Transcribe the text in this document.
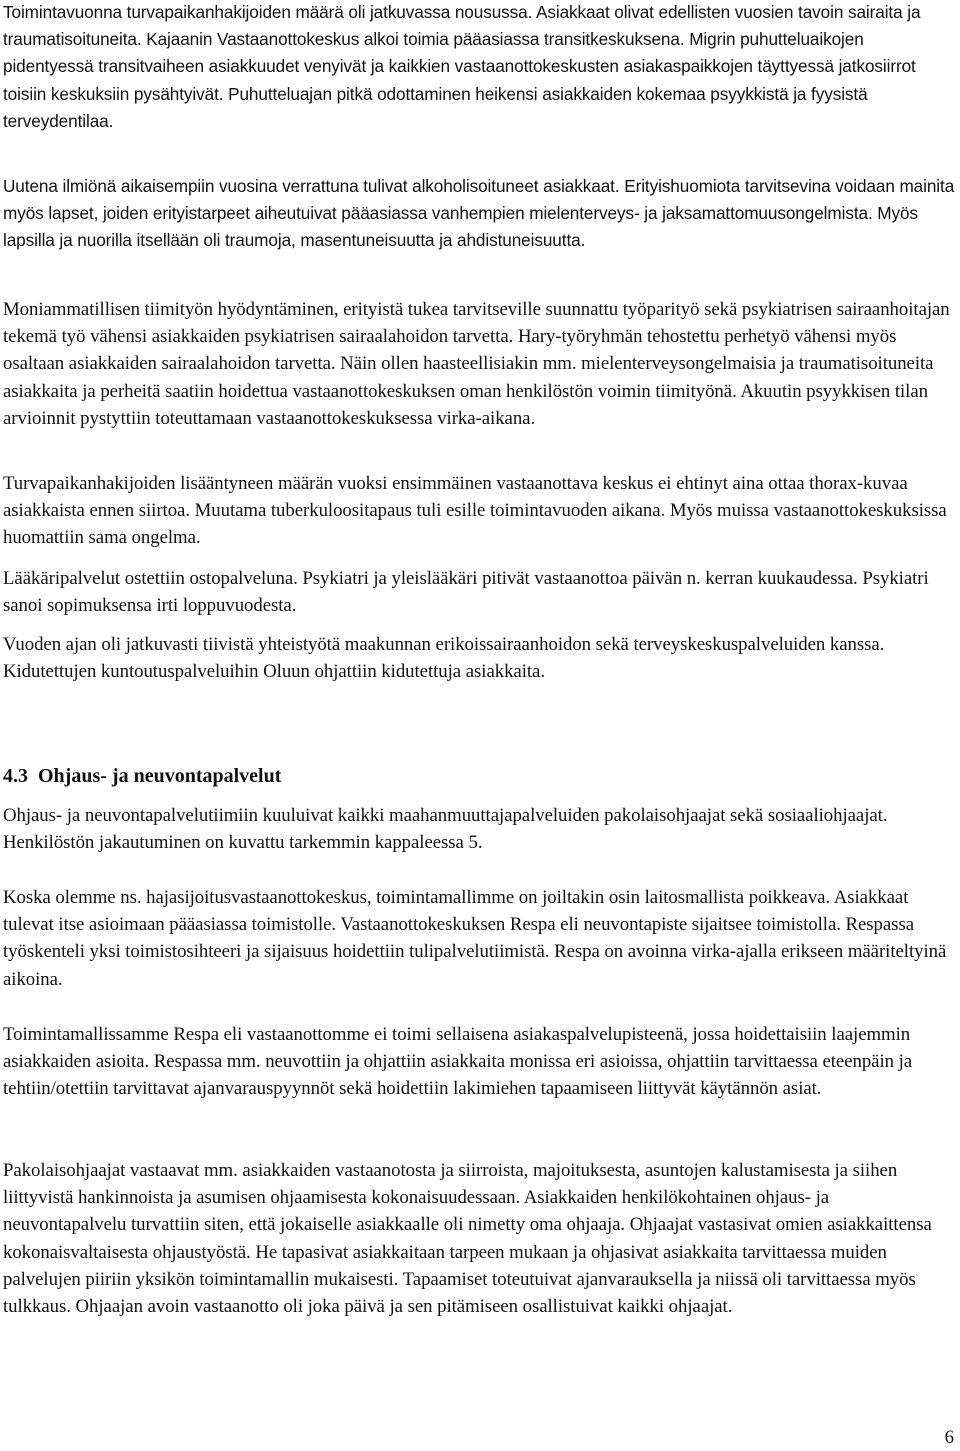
Toimintavuonna turvapaikanhakijoiden määrä oli jatkuvassa nousussa. Asiakkaat olivat edellisten vuosien tavoin sairaita ja traumatisoituneita. Kajaanin Vastaanottokeskus alkoi toimia pääasiassa transitkeskuksena. Migrin puhutteluaikojen pidentyessä transitvaiheen asiakkuudet venyivät ja kaikkien vastaanottokeskusten asiakaspaikkojen täyttyessä jatkosiirrot toisiin keskuksiin pysähtyivät. Puhutteluajan pitkä odottaminen heikensi asiakkaiden kokemaa psyykkistä ja fyysistä terveydentilaa.

Uutena ilmiönä aikaisempiin vuosina verrattuna tulivat alkoholisoituneet asiakkaat. Erityishuomiota tarvitsevina voidaan mainita myös lapset, joiden erityistarpeet aiheutuivat pääasiassa vanhempien mielenterveys- ja jaksamattomuusongelmista. Myös lapsilla ja nuorilla itsellään oli traumoja, masentuneisuutta ja ahdistuneisuutta.

Moniammatillisen tiimityön hyödyntäminen, erityistä tukea tarvitseville suunnattu työparityö sekä psykiatrisen sairaanhoitajan tekemä työ vähensi asiakkaiden psykiatrisen sairaalahoidon tarvetta. Hary-työryhmän tehostettu perhetyö vähensi myös osaltaan asiakkaiden sairaalahoidon tarvetta. Näin ollen haasteellisiakin mm. mielenterveysongelmaisia ja traumatisoituneita asiakkaita ja perheitä saatiin hoidettua vastaanottokeskuksen oman henkilöstön voimin tiimityönä. Akuutin psyykkisen tilan arvioinnit pystyttiin toteuttamaan vastaanottokeskuksessa virka-aikana.

Turvapaikanhakijoiden lisääntyneen määrän vuoksi ensimmäinen vastaanottava keskus ei ehtinyt aina ottaa thorax-kuvaa asiakkaista ennen siirtoa. Muutama tuberkuloositapaus tuli esille toimintavuoden aikana. Myös muissa vastaanottokeskuksissa huomattiin sama ongelma.

Lääkäripalvelut ostettiin ostopalveluna. Psykiatri ja yleislääkäri pitivät vastaanottoa päivän n. kerran kuukaudessa. Psykiatri sanoi sopimuksensa irti loppuvuodesta.

Vuoden ajan oli jatkuvasti tiivistä yhteistyötä maakunnan erikoissairaanhoidon sekä terveyskeskuspalveluiden kanssa. Kidutettujen kuntoutuspalveluihin Oluun ohjattiin kidutettuja asiakkaita.

4.3 Ohjaus- ja neuvontapalvelut

Ohjaus- ja neuvontapalvelutiimiin kuuluivat kaikki maahanmuuttajapalveluiden pakolaisohjaajat sekä sosiaaliohjaajat. Henkilöstön jakautuminen on kuvattu tarkemmin kappaleessa 5.

Koska olemme ns. hajasijoitusvastaanottokeskus, toimintamallimme on joiltakin osin laitosmallista poikkeava. Asiakkaat tulevat itse asioimaan pääasiassa toimistolle. Vastaanottokeskuksen Respa eli neuvontapiste sijaitsee toimistolla. Respassa työskenteli yksi toimistosihteeri ja sijaisuus hoidettiin tulipalvelutiimistä. Respa on avoinna virka-ajalla erikseen määriteltyinä aikoina.

Toimintamallissamme Respa eli vastaanottomme ei toimi sellaisena asiakaspalvelupisteenä, jossa hoidettaisiin laajemmin asiakkaiden asioita. Respassa mm. neuvottiin ja ohjattiin asiakkaita monissa eri asioissa, ohjattiin tarvittaessa eteenpäin ja tehtiin/otettiin tarvittavat ajanvarauspyynnöt sekä hoidettiin lakimiehen tapaamiseen liittyvät käytännön asiat.

Pakolaisohjaajat vastaavat mm. asiakkaiden vastaanotosta ja siirroista, majoituksesta, asuntojen kalustamisesta ja siihen liittyvistä hankinnoista ja asumisen ohjaamisesta kokonaisuudessaan. Asiakkaiden henkilökohtainen ohjaus- ja neuvontapalvelu turvattiin siten, että jokaiselle asiakkaalle oli nimetty oma ohjaaja. Ohjaajat vastasivat omien asiakkaittensa kokonaisvaltaisesta ohjaustyöstä. He tapasivat asiakkaitaan tarpeen mukaan ja ohjasivat asiakkaita tarvittaessa muiden palvelujen piiriin yksikön toimintamallin mukaisesti. Tapaamiset toteutuivat ajanvarauksella ja niissä oli tarvittaessa myös tulkkaus. Ohjaajan avoin vastaanotto oli joka päivä ja sen pitämiseen osallistuivat kaikki ohjaajat.

6
